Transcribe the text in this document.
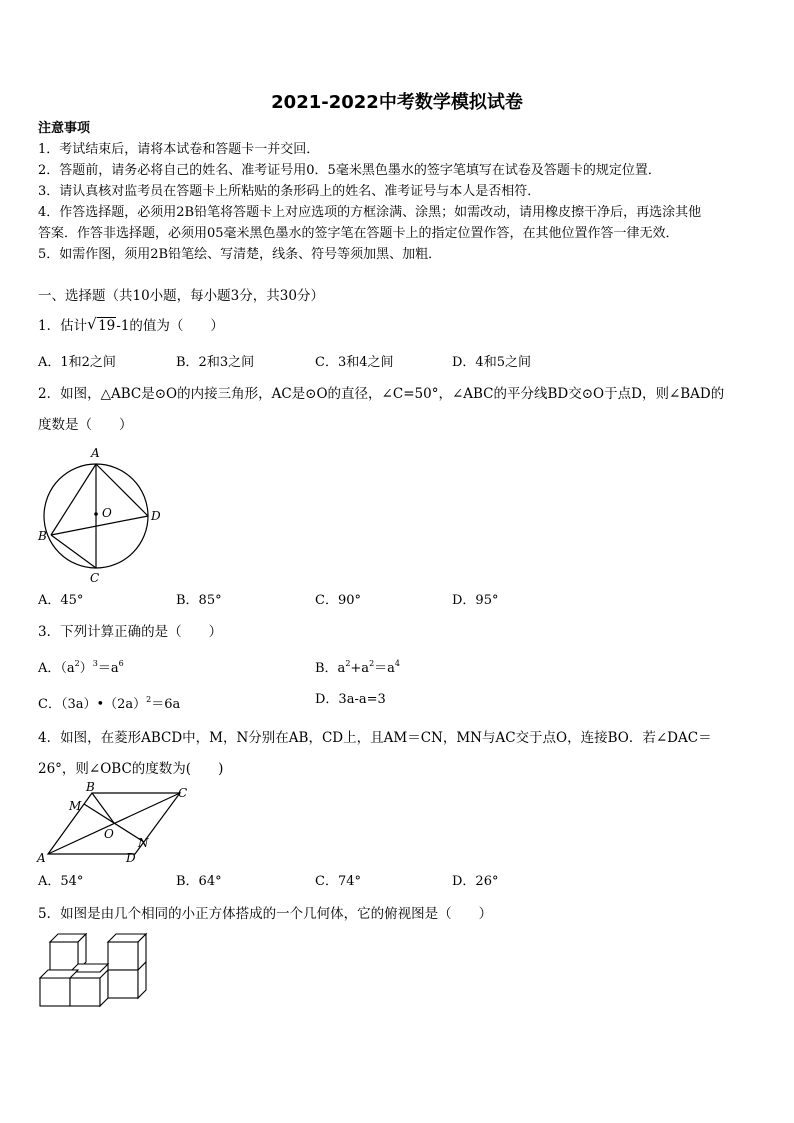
2021-2022中考数学模拟试卷
注意事项
1．考试结束后，请将本试卷和答题卡一并交回．
2．答题前，请务必将自己的姓名、准考证号用0．5毫米黑色墨水的签字笔填写在试卷及答题卡的规定位置．
3．请认真核对监考员在答题卡上所粘贴的条形码上的姓名、准考证号与本人是否相符．
4．作答选择题，必须用2B铅笔将答题卡上对应选项的方框涂满、涂黑；如需改动，请用橡皮擦干净后，再选涂其他
答案．作答非选择题，必须用05毫米黑色墨水的签字笔在答题卡上的指定位置作答，在其他位置作答一律无效．
5．如需作图，须用2B铅笔绘、写清楚，线条、符号等须加黑、加粗．
一、选择题（共10小题，每小题3分，共30分）
1．估计√ 19-1的值为（　　）
A．1和2之间	B．2和3之间	C．3和4之间	D．4和5之间
2．如图，△ABC是⊙O的内接三角形，AC是⊙O的直径，∠C=50°，∠ABC的平分线BD交⊙O于点D，则∠BAD的
度数是（　　）
A
B
C
D
O
A．45°	B．85°	C．90°	D．95°
3．下列计算正确的是（　　）
A．$(a^2)^3=a^6$	B．$a^2+a^2=a^4$
C．$(3a)•(2a)^2=6a$	D．3a-a=3
4．如图，在菱形ABCD中，M，N分别在AB，CD上，且AM＝CN，MN与AC交于点O，连接BO．若∠DAC＝
26°，则∠OBC的度数为(　　)
B	C
M
O
N
A	D
A．54°	B．64°	C．74°	D．26°
5．如图是由几个相同的小正方体搭成的一个几何体，它的俯视图是（　　）
